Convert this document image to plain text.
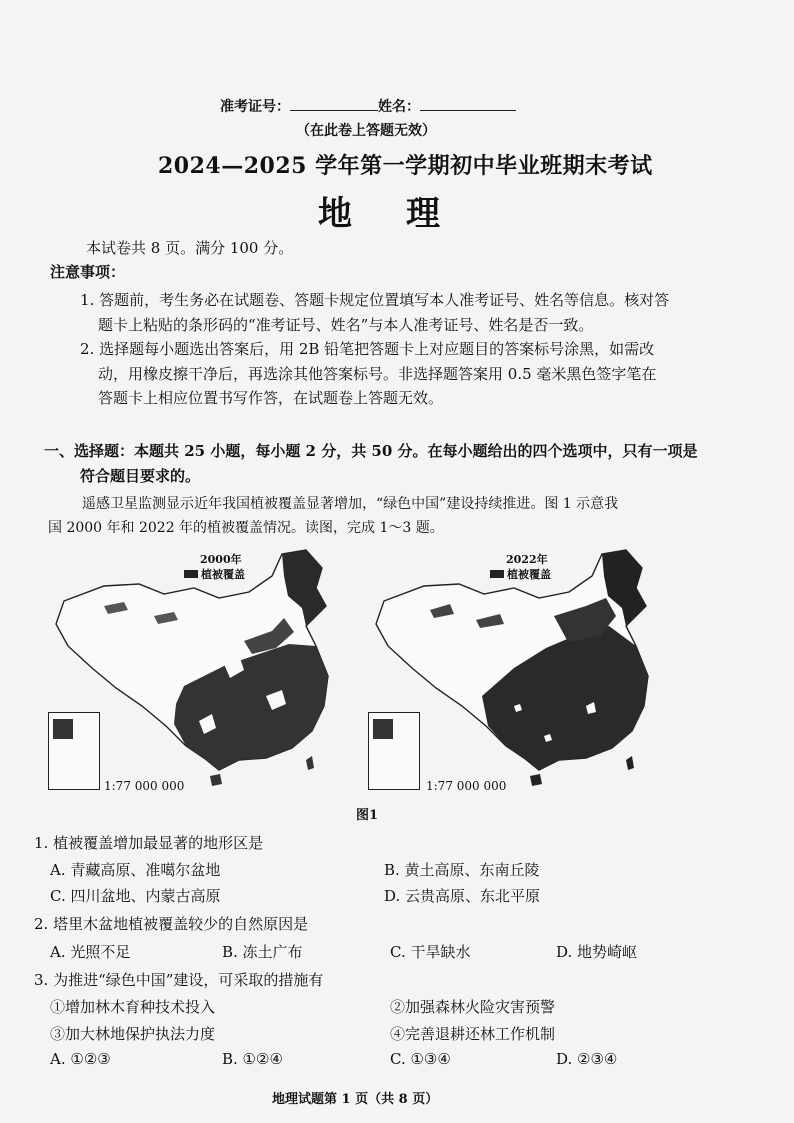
准考证号：	姓名：
（在此卷上答题无效）
2024—2025 学年第一学期初中毕业班期末考试
地　理
本试卷共 8 页。满分 100 分。
注意事项：
1. 答题前，考生务必在试题卷、答题卡规定位置填写本人准考证号、姓名等信息。核对答
题卡上粘贴的条形码的“准考证号、姓名”与本人准考证号、姓名是否一致。
2. 选择题每小题选出答案后，用 2B 铅笔把答题卡上对应题目的答案标号涂黑，如需改
动，用橡皮擦干净后，再选涂其他答案标号。非选择题答案用 0.5 毫米黑色签字笔在
答题卡上相应位置书写作答，在试题卷上答题无效。
一、选择题：本题共 25 小题，每小题 2 分，共 50 分。在每小题给出的四个选项中，只有一项是
符合题目要求的。
遥感卫星监测显示近年我国植被覆盖显著增加，“绿色中国”建设持续推进。图 1 示意我
国 2000 年和 2022 年的植被覆盖情况。读图，完成 1～3 题。
2000年
植被覆盖
1:77 000 000
2022年
植被覆盖
1:77 000 000
图1
1. 植被覆盖增加最显著的地形区是
A. 青藏高原、准噶尔盆地	B. 黄土高原、东南丘陵
C. 四川盆地、内蒙古高原	D. 云贵高原、东北平原
2. 塔里木盆地植被覆盖较少的自然原因是
A. 光照不足	B. 冻土广布	C. 干旱缺水	D. 地势崎岖
3. 为推进“绿色中国”建设，可采取的措施有
①增加林木育种技术投入	②加强森林火险灾害预警
③加大林地保护执法力度	④完善退耕还林工作机制
A. ①②③	B. ①②④	C. ①③④	D. ②③④
地理试题第 1 页（共 8 页）
